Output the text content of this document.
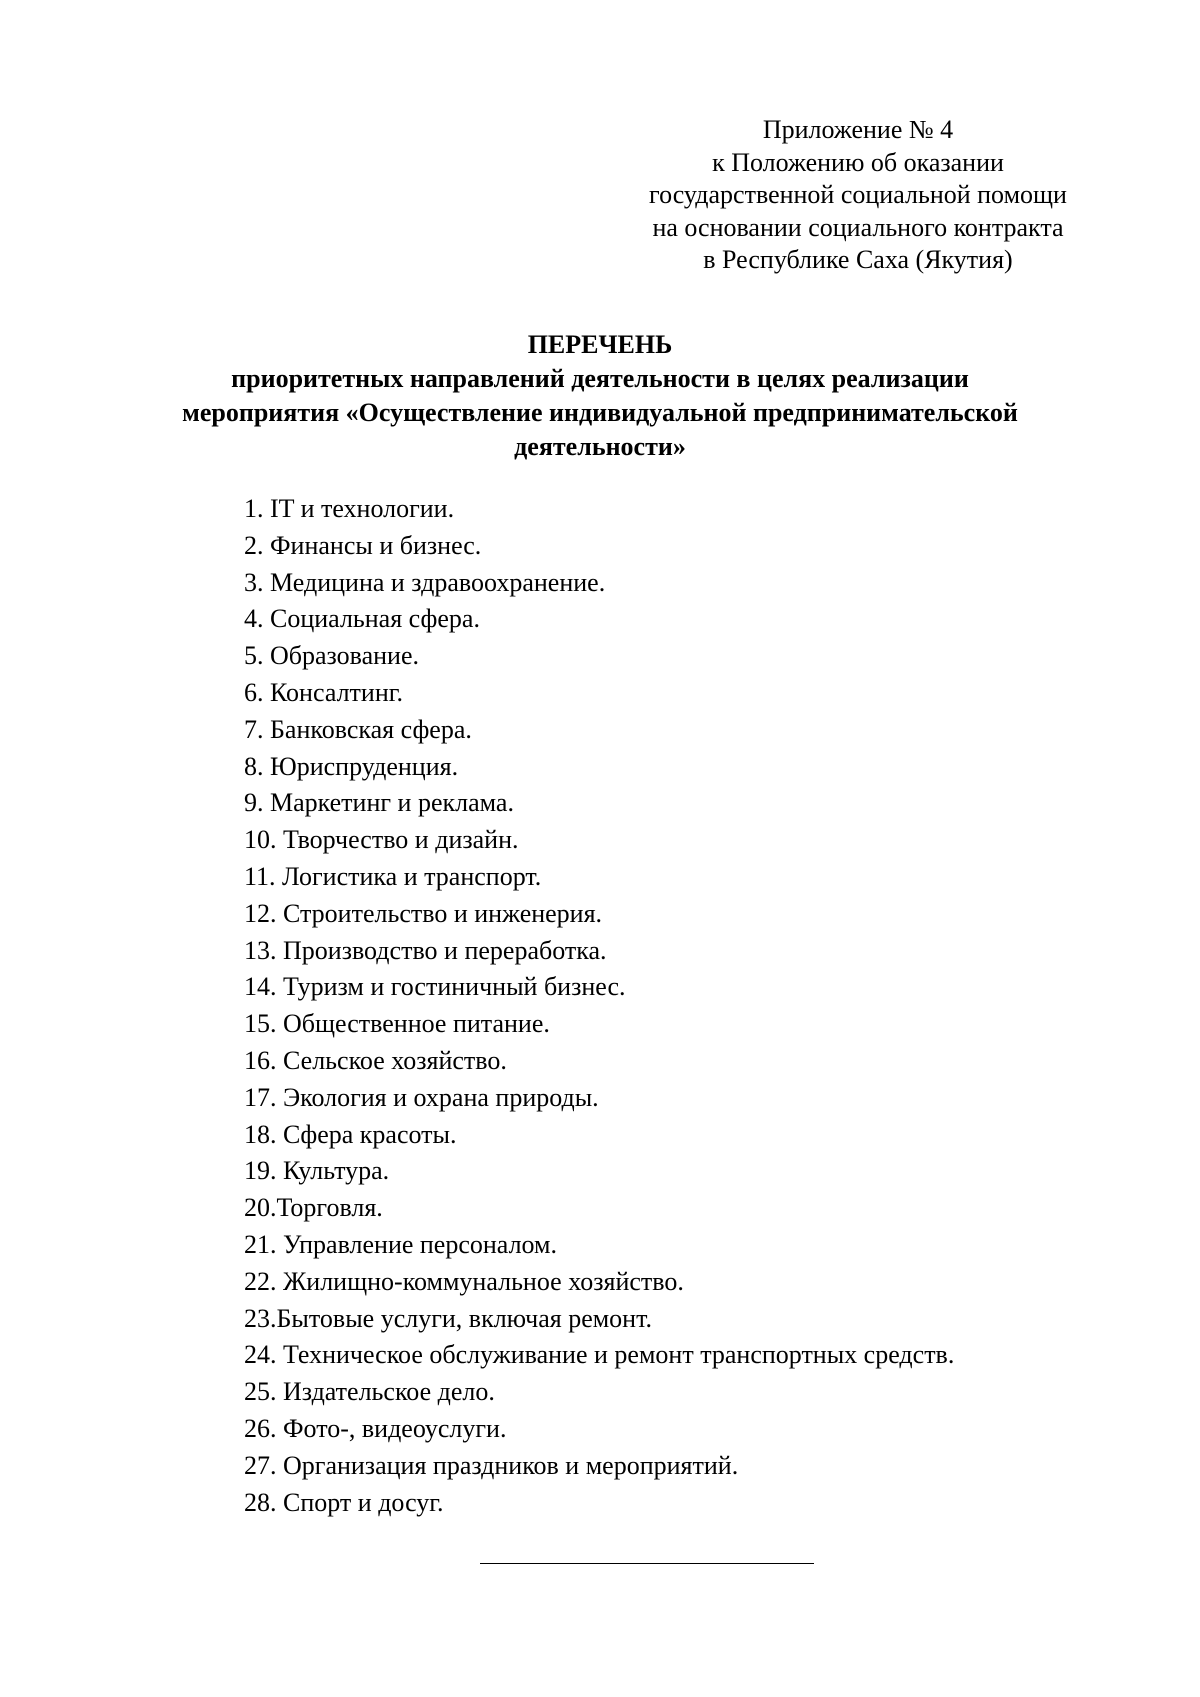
Приложение № 4
к Положению об оказании
государственной социальной помощи
на основании социального контракта
в Республике Саха (Якутия)
ПЕРЕЧЕНЬ
приоритетных направлений деятельности в целях реализации
мероприятия «Осуществление индивидуальной предпринимательской
деятельности»
1. IT и технологии.
2. Финансы и бизнес.
3. Медицина и здравоохранение.
4. Социальная сфера.
5. Образование.
6. Консалтинг.
7. Банковская сфера.
8. Юриспруденция.
9. Маркетинг и реклама.
10. Творчество и дизайн.
11. Логистика и транспорт.
12. Строительство и инженерия.
13. Производство и переработка.
14. Туризм и гостиничный бизнес.
15. Общественное питание.
16. Сельское хозяйство.
17. Экология и охрана природы.
18. Сфера красоты.
19. Культура.
20.Торговля.
21. Управление персоналом.
22. Жилищно-коммунальное хозяйство.
23.Бытовые услуги, включая ремонт.
24. Техническое обслуживание и ремонт транспортных средств.
25. Издательское дело.
26. Фото-, видеоуслуги.
27. Организация праздников и мероприятий.
28. Спорт и досуг.
